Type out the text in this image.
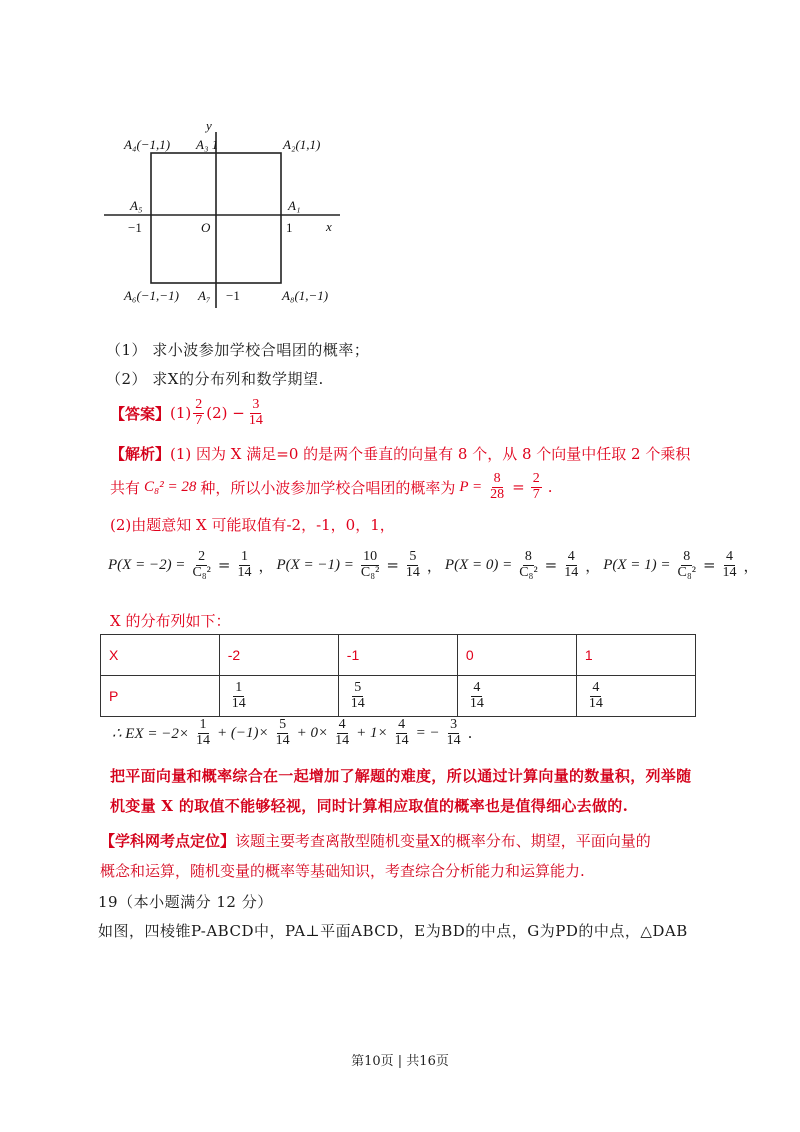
y
x
O
A₄(−1,1) A₃ 1	A₂(1,1)
A₅	A₁
−1	1
A₆(−1,−1) A₇ −1	A₈(1,−1)
（1） 求小波参加学校合唱团的概率；
（2） 求X的分布列和数学期望.
【答案】 $(1) \frac{2}{7} (2) - \frac{3}{14}$
【解析】(1) 因为 X 满足=0 的是两个垂直的向量有 8 个，从 8 个向量中任取 2 个乘积
共有 C₈² = 28 种，所以小波参加学校合唱团的概率为 $P = \frac{8}{28} = \frac{2}{7}$ .
(2)由题意知 X 可能取值有-2，-1，0，1，
$P(X = -2) = \frac{2}{\text{C₈²}} = \frac{1}{14}$ ， $P(X = -1) = \frac{10}{\text{C₈²}} = \frac{5}{14}$ ， $P(X = 0) = \frac{8}{\text{C₈²}} = \frac{4}{14}$ ， $P(X = 1) = \frac{8}{\text{C₈²}} = \frac{4}{14}$ ，
X 的分布列如下：
X	-2	-1	0	1
P	$\frac{1}{14}$	$\frac{5}{14}$	$\frac{4}{14}$	$\frac{4}{14}$
∴ EX = $-2\times \frac{1}{14} + (-1)\times \frac{5}{14} + 0\times \frac{4}{14} + 1\times \frac{4}{14}$ = − $\frac{3}{14}$ .
把平面向量和概率综合在一起增加了解题的难度，所以通过计算向量的数量积，列举随
机变量 X 的取值不能够轻视，同时计算相应取值的概率也是值得细心去做的.
【学科网考点定位】该题主要考查离散型随机变量X的概率分布、期望，平面向量的
概念和运算，随机变量的概率等基础知识，考查综合分析能力和运算能力.
19（本小题满分 12 分）
如图，四棱锥P-ABCD中，PA⊥平面ABCD，E为BD的中点，G为PD的中点，△DAB
第10页 | 共16页
